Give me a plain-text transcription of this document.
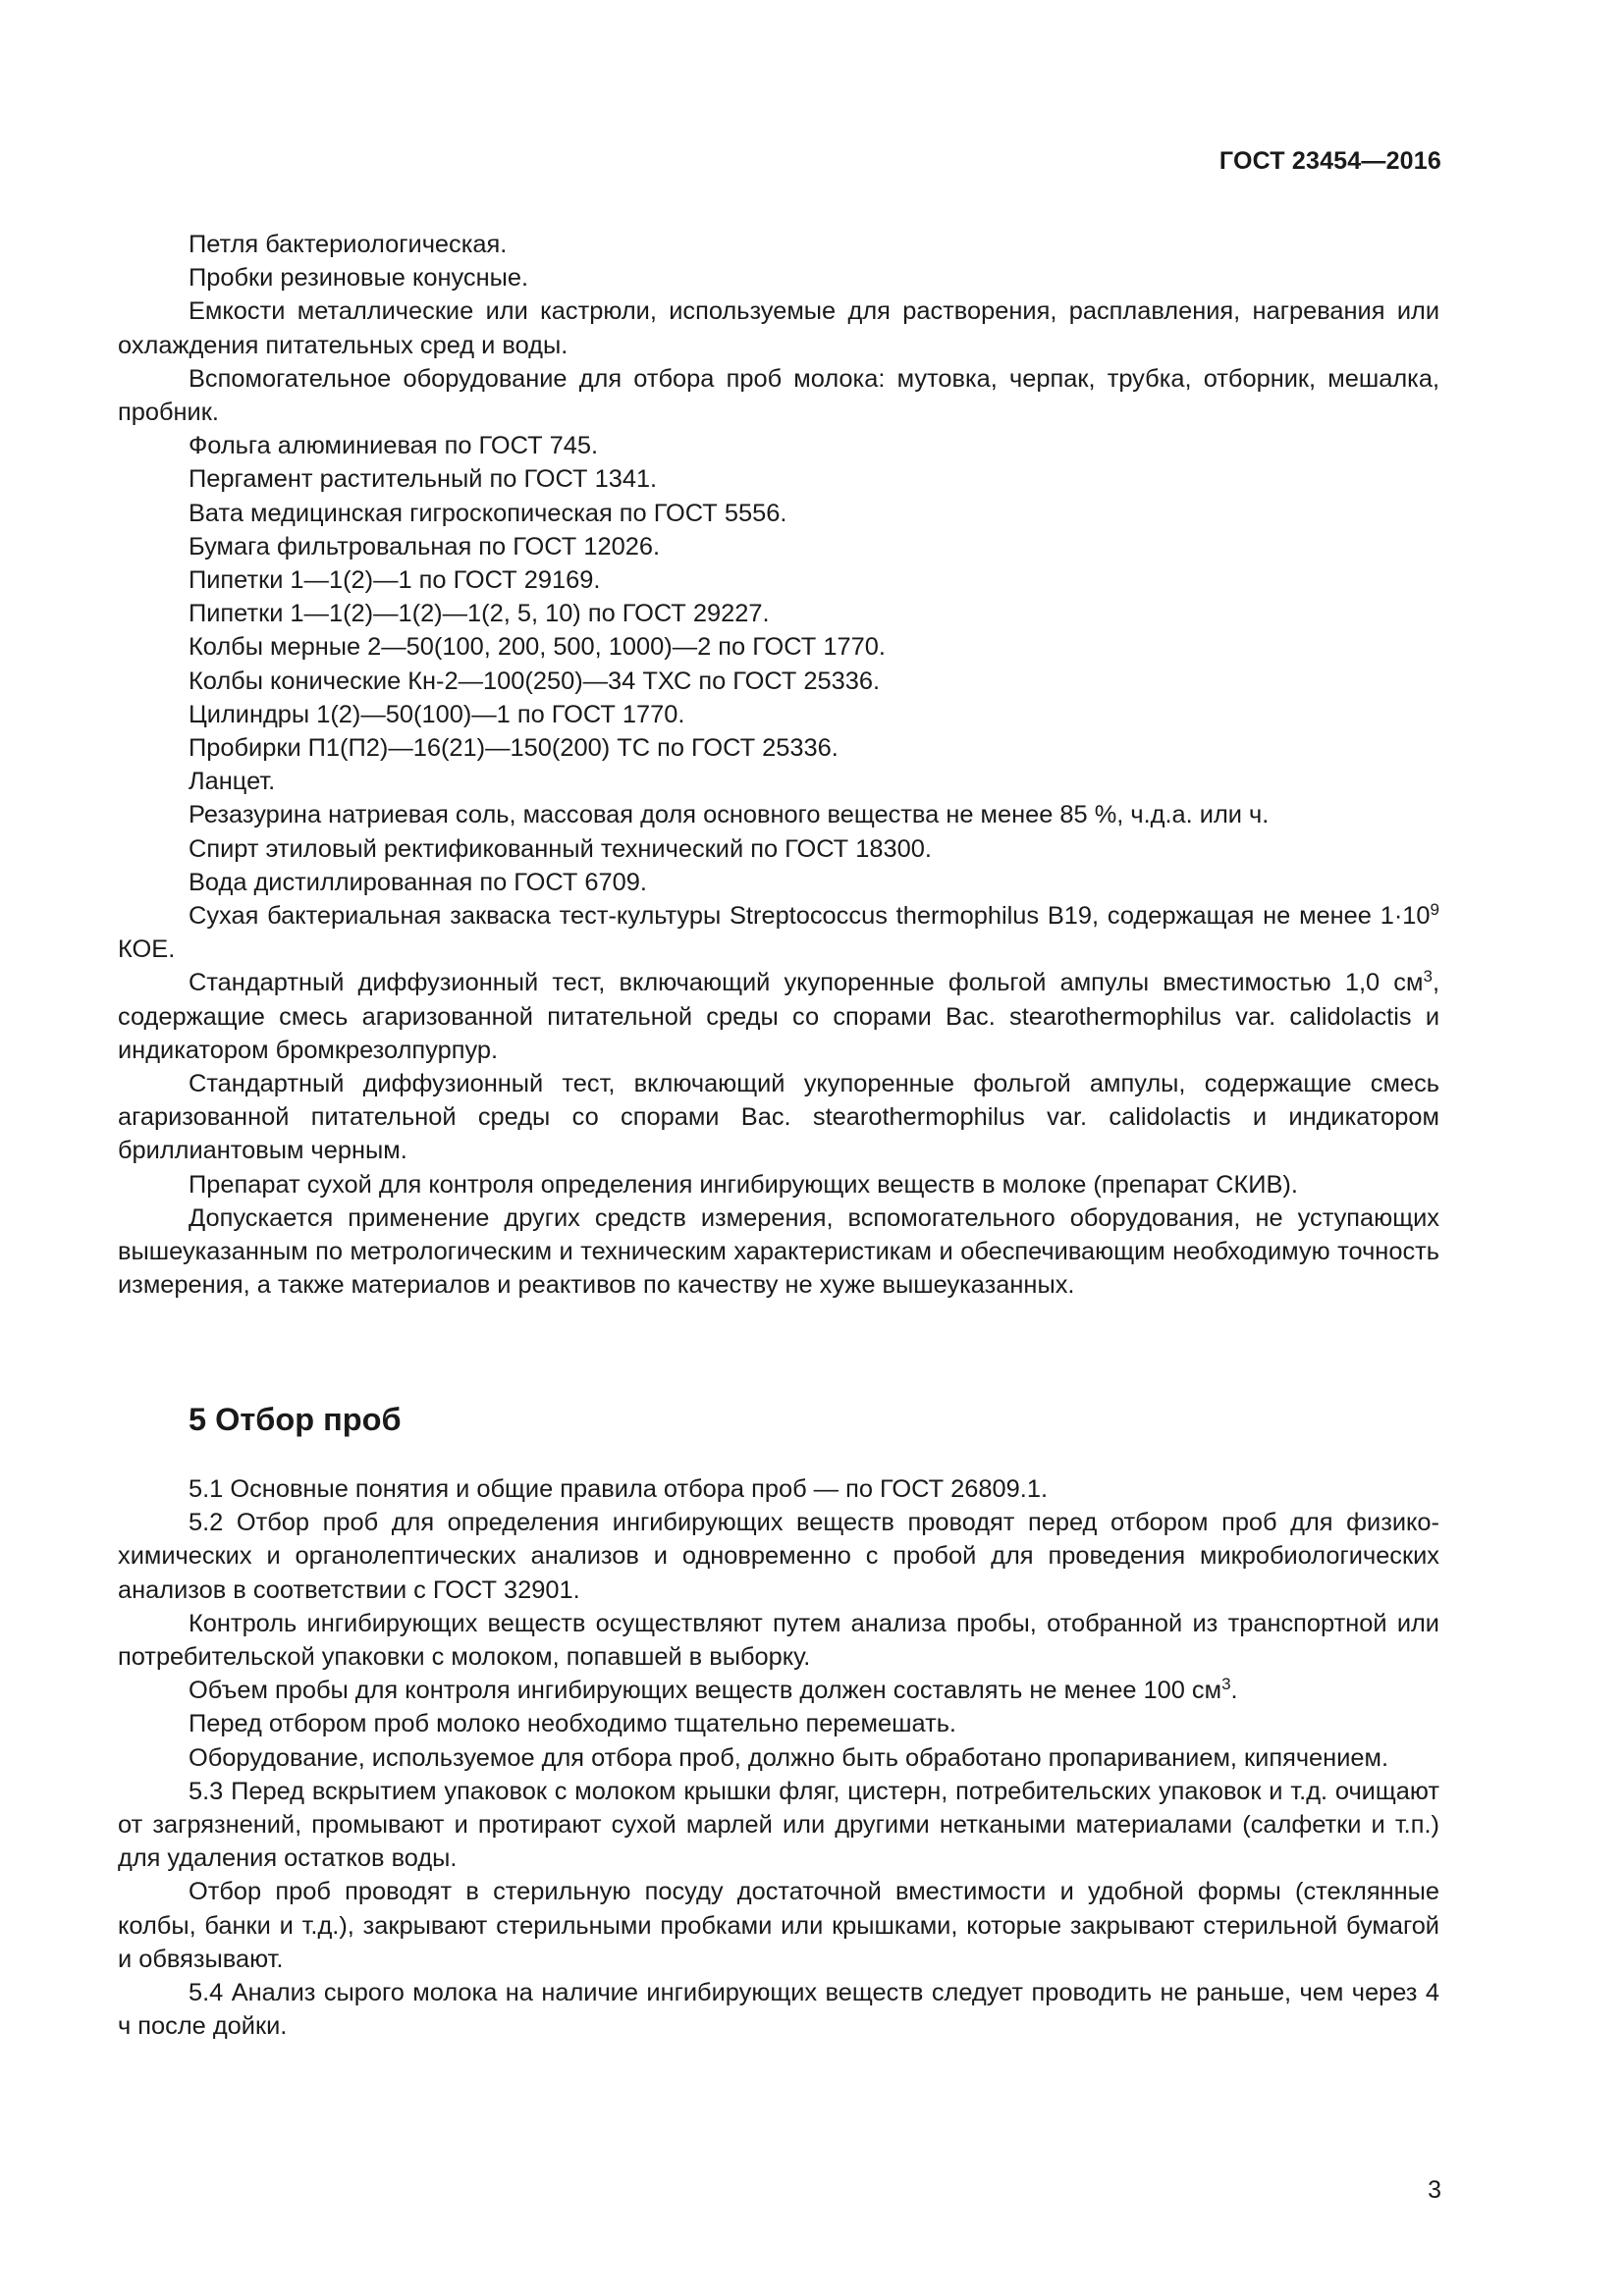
ГОСТ 23454—2016

Петля бактериологическая.

Пробки резиновые конусные.

Емкости металлические или кастрюли, используемые для растворения, расплавления, нагревания или охлаждения питательных сред и воды.

Вспомогательное оборудование для отбора проб молока: мутовка, черпак, трубка, отборник, мешалка, пробник.

Фольга алюминиевая по ГОСТ 745.

Пергамент растительный по ГОСТ 1341.

Вата медицинская гигроскопическая по ГОСТ 5556.

Бумага фильтровальная по ГОСТ 12026.

Пипетки 1—1(2)—1 по ГОСТ 29169.

Пипетки 1—1(2)—1(2)—1(2, 5, 10) по ГОСТ 29227.

Колбы мерные 2—50(100, 200, 500, 1000)—2 по ГОСТ 1770.

Колбы конические Кн-2—100(250)—34 ТХС по ГОСТ 25336.

Цилиндры 1(2)—50(100)—1 по ГОСТ 1770.

Пробирки П1(П2)—16(21)—150(200) ТС по ГОСТ 25336.

Ланцет.

Резазурина натриевая соль, массовая доля основного вещества не менее 85 %, ч.д.а. или ч.

Спирт этиловый ректификованный технический по ГОСТ 18300.

Вода дистиллированная по ГОСТ 6709.

Сухая бактериальная закваска тест-культуры Streptococcus thermophilus В19, содержащая не менее $1\cdot 10^9$ КОЕ.

Стандартный диффузионный тест, включающий укупоренные фольгой ампулы вместимостью 1,0 $см^3$, содержащие смесь агаризованной питательной среды со спорами Bac. stearothermophilus var. calidolactis и индикатором бромкрезолпурпур.

Стандартный диффузионный тест, включающий укупоренные фольгой ампулы, содержащие смесь агаризованной питательной среды со спорами Bac. stearothermophilus var. calidolactis и индикатором бриллиантовым черным.

Препарат сухой для контроля определения ингибирующих веществ в молоке (препарат СКИВ).

Допускается применение других средств измерения, вспомогательного оборудования, не уступающих вышеуказанным по метрологическим и техническим характеристикам и обеспечивающим необходимую точность измерения, а также материалов и реактивов по качеству не хуже вышеуказанных.

5 Отбор проб

5.1 Основные понятия и общие правила отбора проб — по ГОСТ 26809.1.

5.2 Отбор проб для определения ингибирующих веществ проводят перед отбором проб для физико-химических и органолептических анализов и одновременно с пробой для проведения микробиологических анализов в соответствии с ГОСТ 32901.

Контроль ингибирующих веществ осуществляют путем анализа пробы, отобранной из транспортной или потребительской упаковки с молоком, попавшей в выборку.

Объем пробы для контроля ингибирующих веществ должен составлять не менее 100 $см^3$.

Перед отбором проб молоко необходимо тщательно перемешать.

Оборудование, используемое для отбора проб, должно быть обработано пропариванием, кипячением.

5.3 Перед вскрытием упаковок с молоком крышки фляг, цистерн, потребительских упаковок и т.д. очищают от загрязнений, промывают и протирают сухой марлей или другими неткаными материалами (салфетки и т.п.) для удаления остатков воды.

Отбор проб проводят в стерильную посуду достаточной вместимости и удобной формы (стеклянные колбы, банки и т.д.), закрывают стерильными пробками или крышками, которые закрывают стерильной бумагой и обвязывают.

5.4 Анализ сырого молока на наличие ингибирующих веществ следует проводить не раньше, чем через 4 ч после дойки.

3
